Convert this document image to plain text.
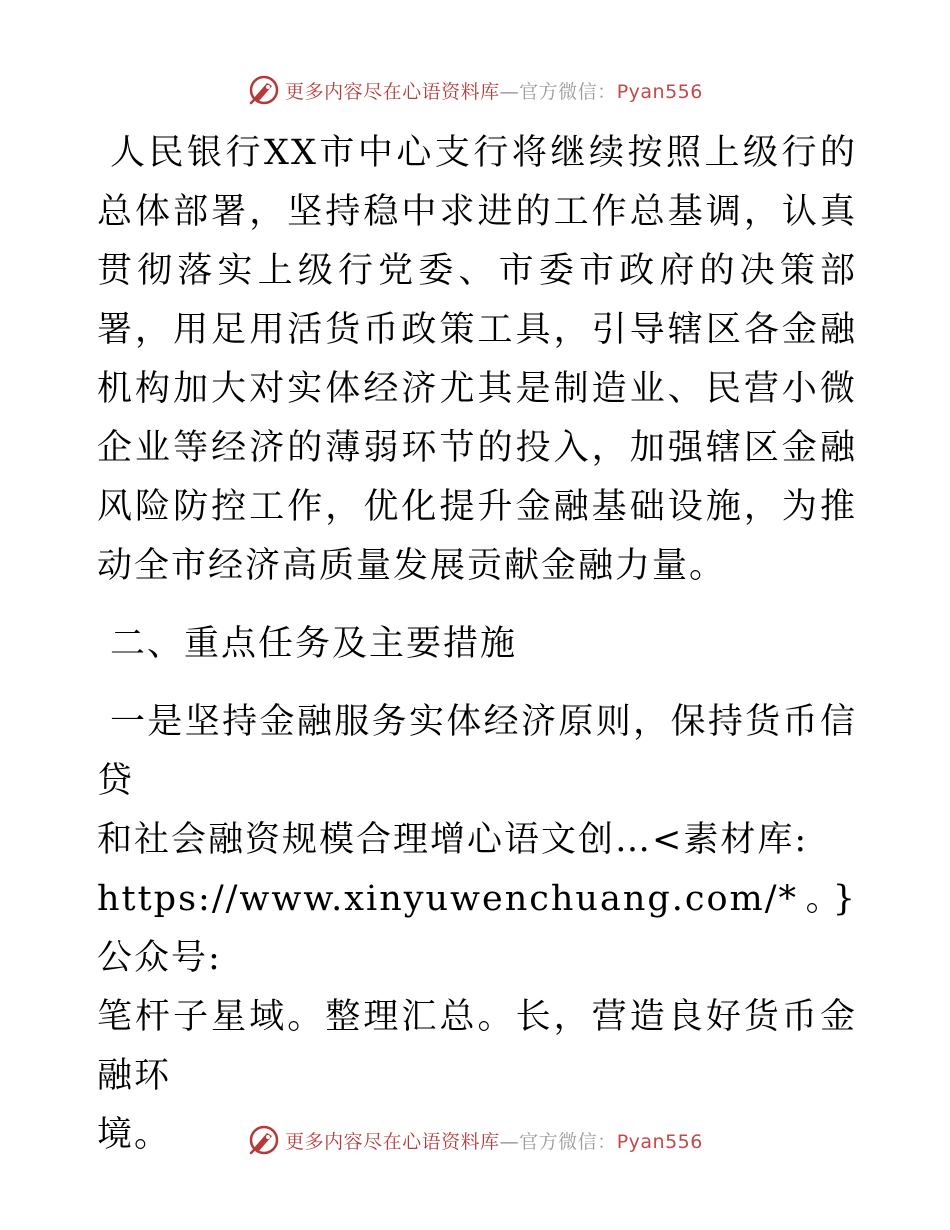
更多内容尽在心语资料库—官方微信：Pyan556

人民银行XX市中心支行将继续按照上级行的总体部署，坚持稳中求进的工作总基调，认真贯彻落实上级行党委、市委市政府的决策部署，用足用活货币政策工具，引导辖区各金融机构加大对实体经济尤其是制造业、民营小微企业等经济的薄弱环节的投入，加强辖区金融风险防控工作，优化提升金融基础设施，为推动全市经济高质量发展贡献金融力量。

二、重点任务及主要措施

一是坚持金融服务实体经济原则，保持货币信贷

和社会融资规模合理增心语文创…<素材库:

https://www.xinyuwenchuang.com/*。}公众号:

笔杆子星域。整理汇总。长，营造良好货币金融环

境。	更多内容尽在心语资料库—官方微信：Pyan556
